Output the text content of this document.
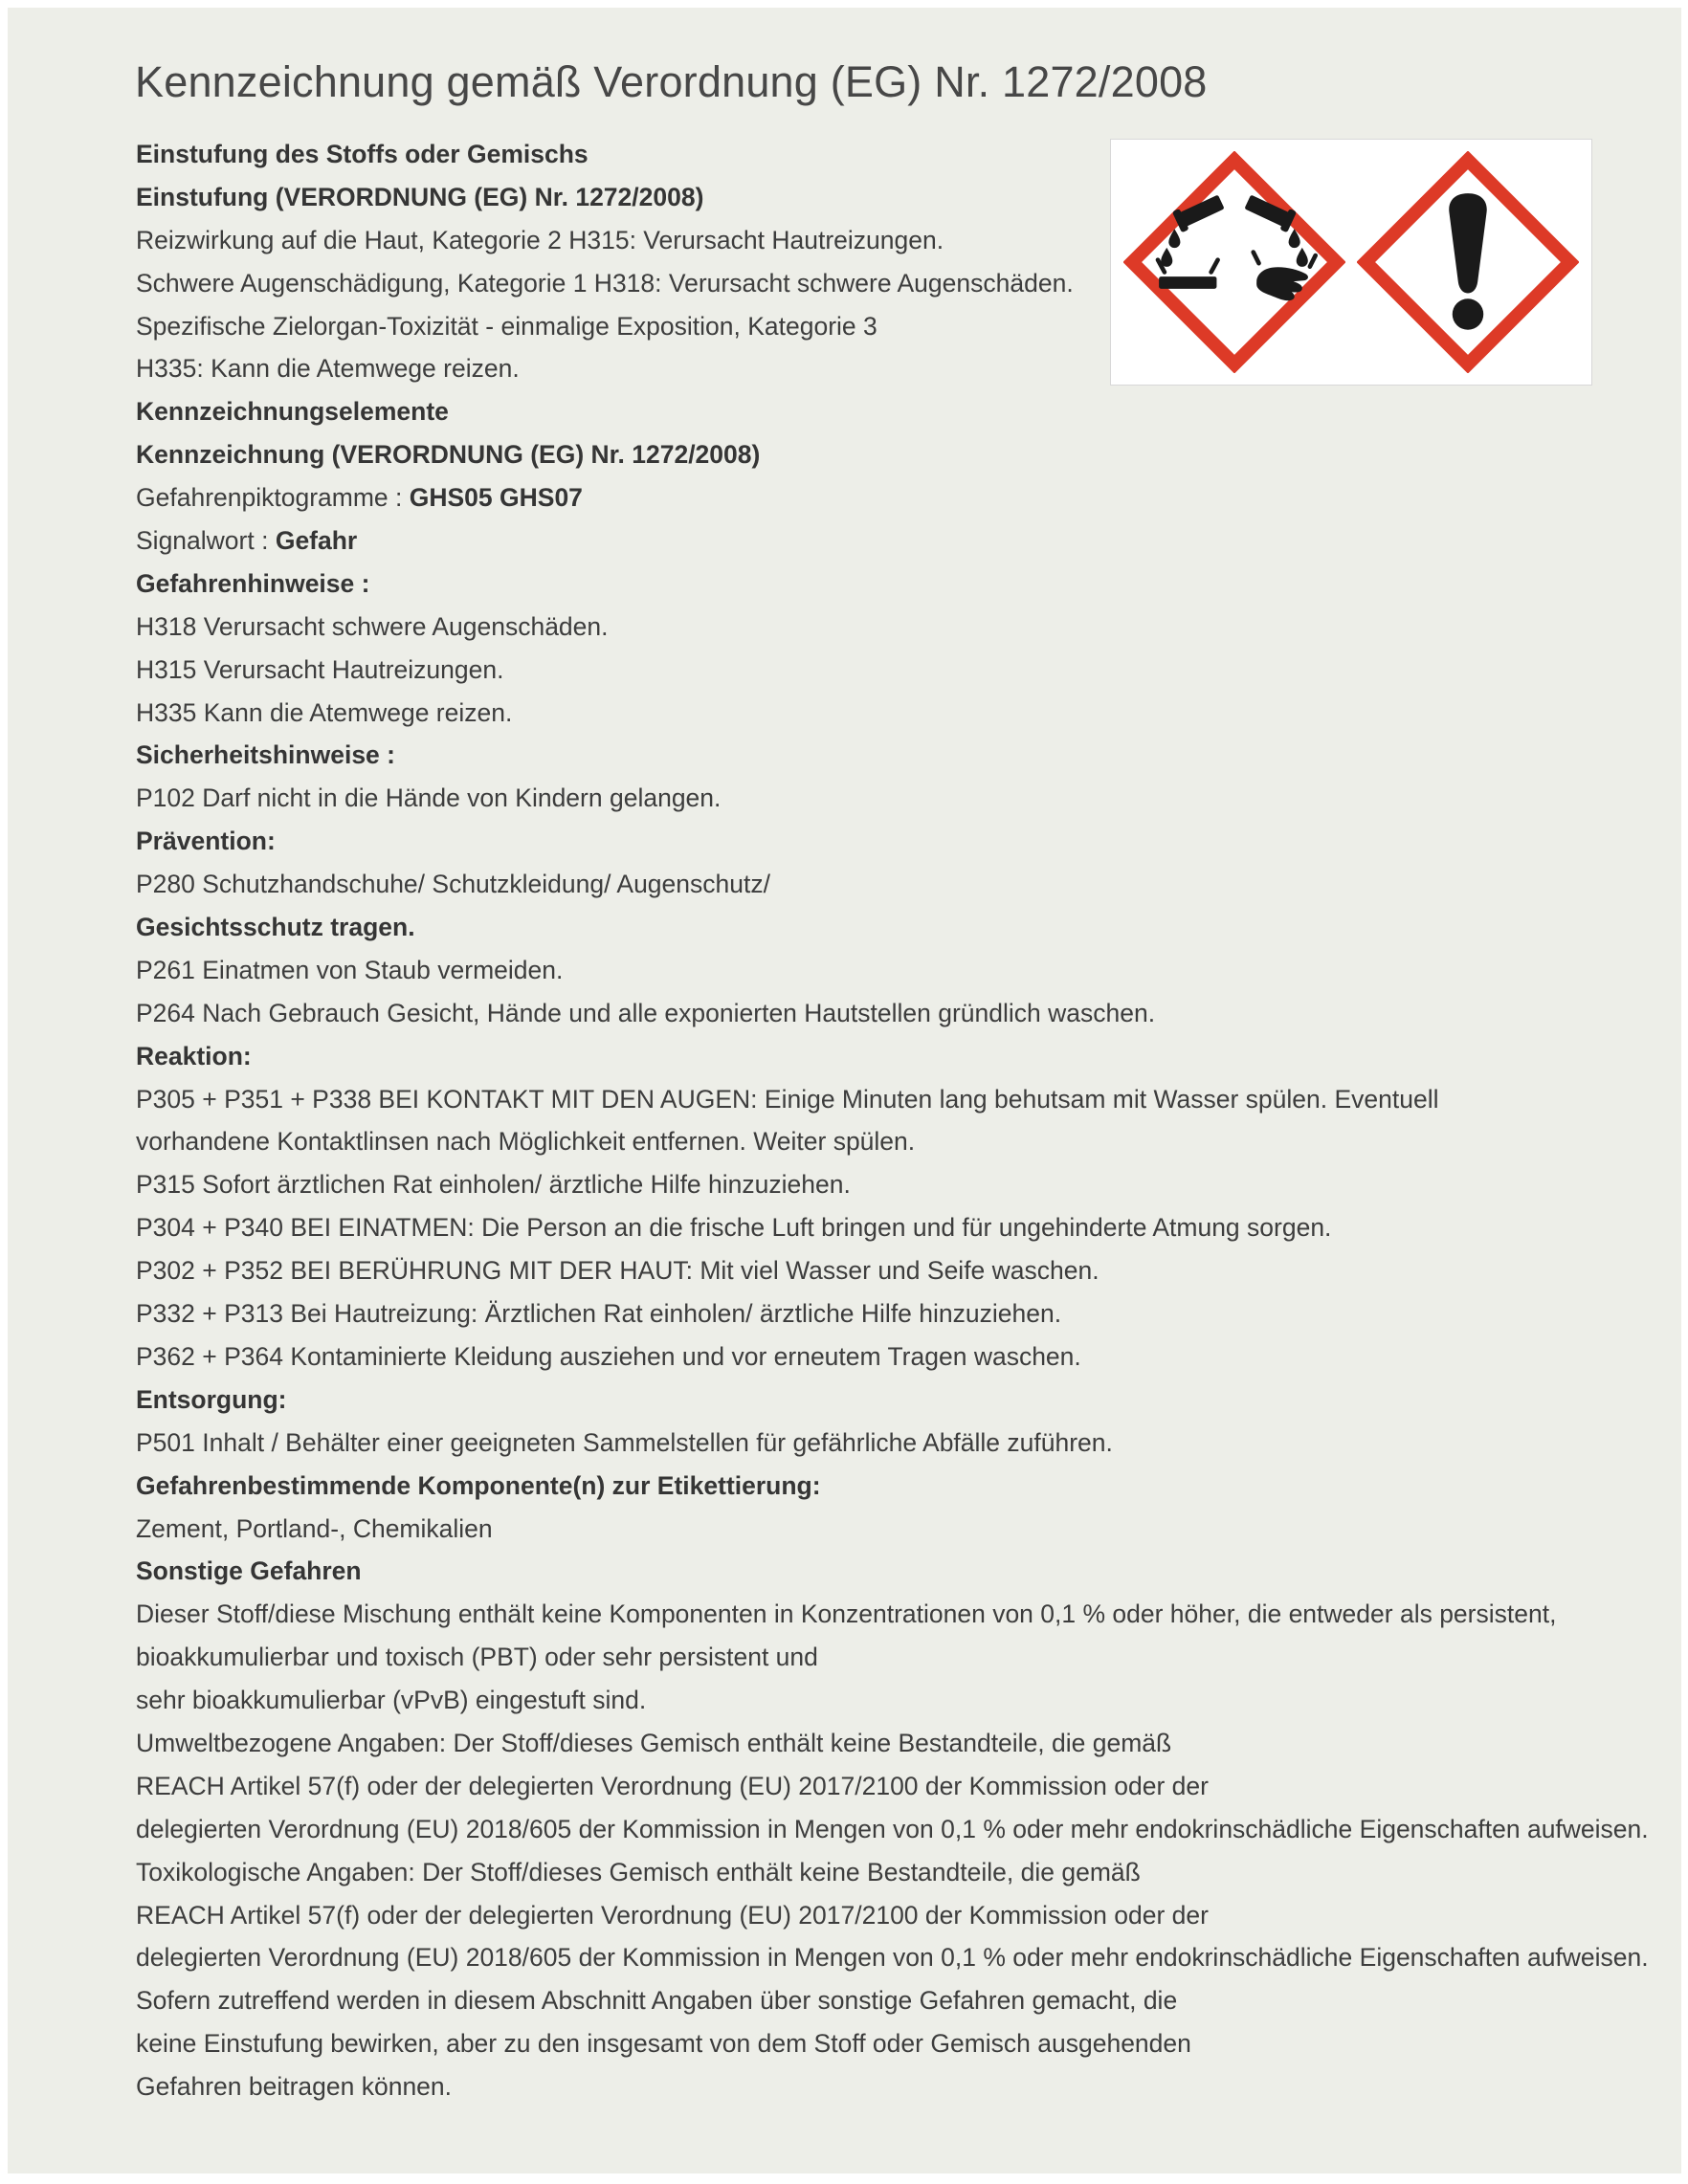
Kennzeichnung gemäß Verordnung (EG) Nr. 1272/2008
Einstufung des Stoffs oder Gemischs
Einstufung (VERORDNUNG (EG) Nr. 1272/2008)
Reizwirkung auf die Haut, Kategorie 2 H315: Verursacht Hautreizungen.
Schwere Augenschädigung, Kategorie 1 H318: Verursacht schwere Augenschäden.
Spezifische Zielorgan-Toxizität - einmalige Exposition, Kategorie 3
H335: Kann die Atemwege reizen.
Kennzeichnungselemente
Kennzeichnung (VERORDNUNG (EG) Nr. 1272/2008)
Gefahrenpiktogramme : GHS05 GHS07
Signalwort : Gefahr
Gefahrenhinweise :
H318 Verursacht schwere Augenschäden.
H315 Verursacht Hautreizungen.
H335 Kann die Atemwege reizen.
Sicherheitshinweise :
P102 Darf nicht in die Hände von Kindern gelangen.
Prävention:
P280 Schutzhandschuhe/ Schutzkleidung/ Augenschutz/
Gesichtsschutz tragen.
P261 Einatmen von Staub vermeiden.
P264 Nach Gebrauch Gesicht, Hände und alle exponierten Hautstellen gründlich waschen.
Reaktion:
P305 + P351 + P338 BEI KONTAKT MIT DEN AUGEN: Einige Minuten lang behutsam mit Wasser spülen. Eventuell
vorhandene Kontaktlinsen nach Möglichkeit entfernen. Weiter spülen.
P315 Sofort ärztlichen Rat einholen/ ärztliche Hilfe hinzuziehen.
P304 + P340 BEI EINATMEN: Die Person an die frische Luft bringen und für ungehinderte Atmung sorgen.
P302 + P352 BEI BERÜHRUNG MIT DER HAUT: Mit viel Wasser und Seife waschen.
P332 + P313 Bei Hautreizung: Ärztlichen Rat einholen/ ärztliche Hilfe hinzuziehen.
P362 + P364 Kontaminierte Kleidung ausziehen und vor erneutem Tragen waschen.
Entsorgung:
P501 Inhalt / Behälter einer geeigneten Sammelstellen für gefährliche Abfälle zuführen.
Gefahrenbestimmende Komponente(n) zur Etikettierung:
Zement, Portland-, Chemikalien
Sonstige Gefahren
Dieser Stoff/diese Mischung enthält keine Komponenten in Konzentrationen von 0,1 % oder höher, die entweder als persistent,
bioakkumulierbar und toxisch (PBT) oder sehr persistent und
sehr bioakkumulierbar (vPvB) eingestuft sind.
Umweltbezogene Angaben: Der Stoff/dieses Gemisch enthält keine Bestandteile, die gemäß
REACH Artikel 57(f) oder der delegierten Verordnung (EU) 2017/2100 der Kommission oder der
delegierten Verordnung (EU) 2018/605 der Kommission in Mengen von 0,1 % oder mehr endokrinschädliche Eigenschaften aufweisen.
Toxikologische Angaben: Der Stoff/dieses Gemisch enthält keine Bestandteile, die gemäß
REACH Artikel 57(f) oder der delegierten Verordnung (EU) 2017/2100 der Kommission oder der
delegierten Verordnung (EU) 2018/605 der Kommission in Mengen von 0,1 % oder mehr endokrinschädliche Eigenschaften aufweisen.
Sofern zutreffend werden in diesem Abschnitt Angaben über sonstige Gefahren gemacht, die
keine Einstufung bewirken, aber zu den insgesamt von dem Stoff oder Gemisch ausgehenden
Gefahren beitragen können.
